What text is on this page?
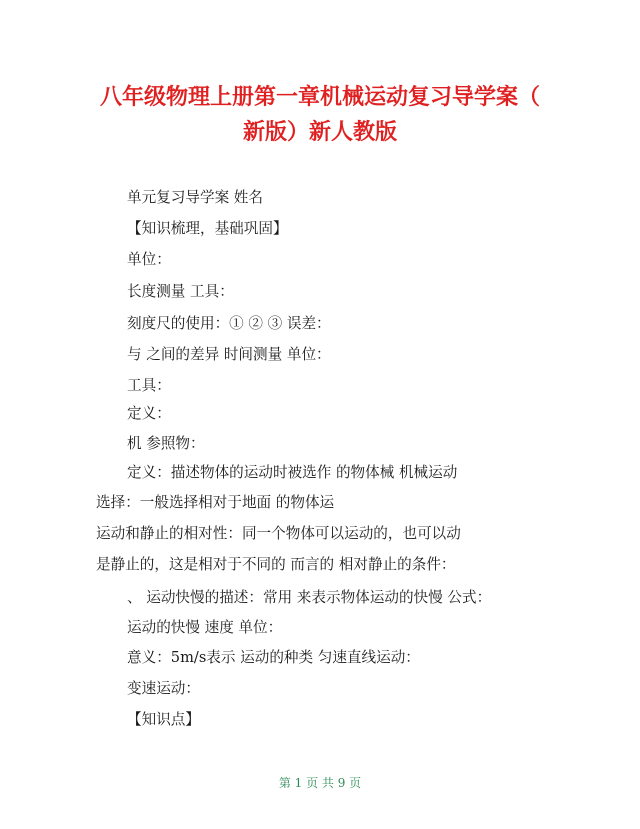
八年级物理上册第一章机械运动复习导学案（
新版）新人教版
单元复习导学案 姓名
【知识梳理，基础巩固】
单位：
长度测量 工具：
刻度尺的使用：① ② ③ 误差：
与 之间的差异 时间测量 单位：
工具：
定义：
机 参照物：
定义：描述物体的运动时被选作 的物体械 机械运动
选择：一般选择相对于地面 的物体运
运动和静止的相对性：同一个物体可以运动的，也可以动
是静止的，这是相对于不同的 而言的 相对静止的条件：
、 运动快慢的描述：常用 来表示物体运动的快慢 公式：
运动的快慢 速度 单位：
意义：5m/s表示 运动的种类 匀速直线运动：
变速运动：
【知识点】
第 1 页 共 9 页
